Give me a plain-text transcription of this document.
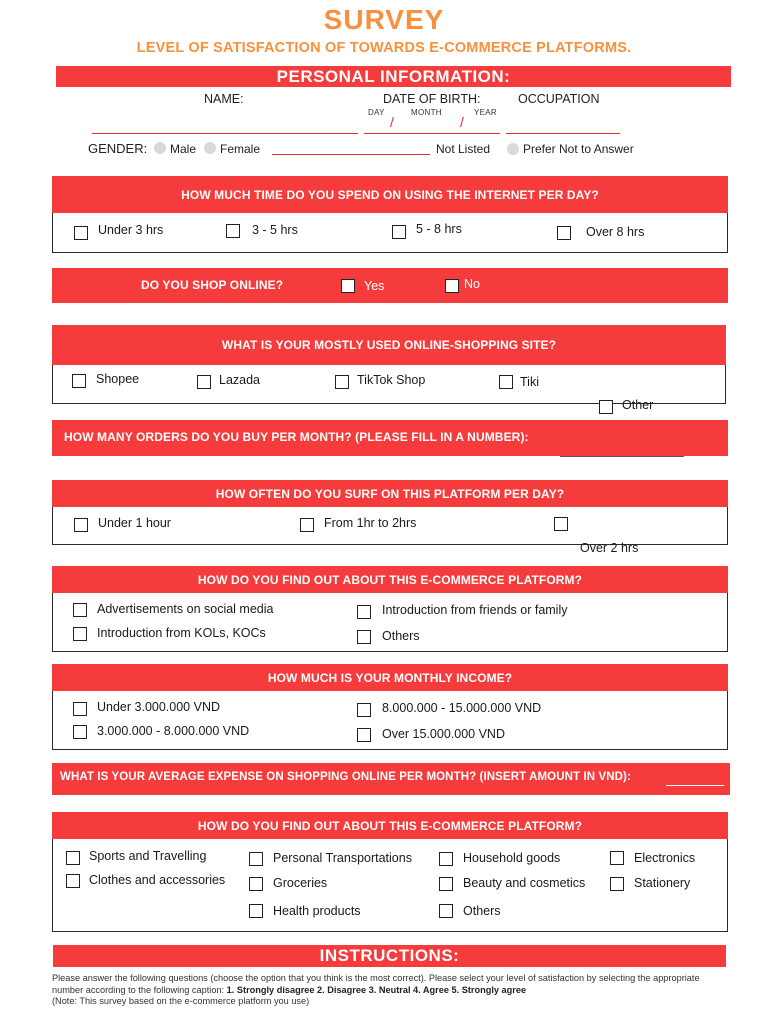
SURVEY
LEVEL OF SATISFACTION OF TOWARDS E-COMMERCE PLATFORMS.
PERSONAL INFORMATION:
NAME:	DATE OF BIRTH:	OCCUPATION
DAY	MONTH	YEAR
/	/
GENDER: Male Female	Not Listed	Prefer Not to Answer
HOW MUCH TIME DO YOU SPEND ON USING THE INTERNET PER DAY?
Under 3 hrs	3 - 5 hrs	5 - 8 hrs	Over 8 hrs
DO YOU SHOP ONLINE?	Yes	No
WHAT IS YOUR MOSTLY USED ONLINE-SHOPPING SITE?
Shopee	Lazada	TikTok Shop	Tiki
Other
HOW MANY ORDERS DO YOU BUY PER MONTH? (PLEASE FILL IN A NUMBER):
HOW OFTEN DO YOU SURF ON THIS PLATFORM PER DAY?
Under 1 hour	From 1hr to 2hrs
Over 2 hrs
HOW DO YOU FIND OUT ABOUT THIS E-COMMERCE PLATFORM?
Advertisements on social media
Introduction from KOLs, KOCs
Introduction from friends or family
Others
HOW MUCH IS YOUR MONTHLY INCOME?
Under 3.000.000 VND
3.000.000 - 8.000.000 VND
8.000.000 - 15.000.000 VND
Over 15.000.000 VND
WHAT IS YOUR AVERAGE EXPENSE ON SHOPPING ONLINE PER MONTH? (INSERT AMOUNT IN VND):
HOW DO YOU FIND OUT ABOUT THIS E-COMMERCE PLATFORM?
Sports and Travelling
Clothes and accessories
Personal Transportations
Groceries
Health products
Household goods
Beauty and cosmetics
Others
Electronics
Stationery
INSTRUCTIONS:
Please answer the following questions (choose the option that you think is the most correct). Please select your level of satisfaction by selecting the appropriate number according to the following caption: 1. Strongly disagree 2. Disagree 3. Neutral 4. Agree 5. Strongly agree
(Note: This survey based on the e-commerce platform you use)
